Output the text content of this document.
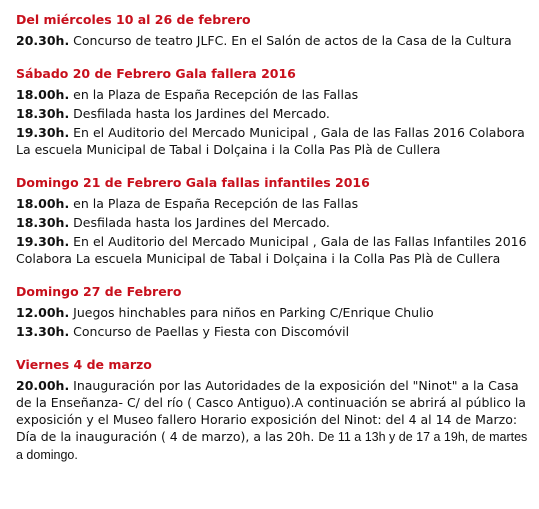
Del miércoles 10 al 26 de febrero
20.30h. Concurso de teatro JLFC. En el Salón de actos de la Casa de la Cultura
Sábado 20 de Febrero Gala fallera 2016
18.00h. en la Plaza de España Recepción de las Fallas
18.30h. Desfilada hasta los Jardines del Mercado.
19.30h. En el Auditorio del Mercado Municipal , Gala de las Fallas 2016 Colabora La escuela Municipal de Tabal i Dolçaina i la Colla Pas Plà de Cullera
Domingo 21 de Febrero Gala fallas infantiles 2016
18.00h. en la Plaza de España Recepción de las Fallas
18.30h. Desfilada hasta los Jardines del Mercado.
19.30h. En el Auditorio del Mercado Municipal , Gala de las Fallas Infantiles 2016 Colabora La escuela Municipal de Tabal i Dolçaina i la Colla Pas Plà de Cullera
Domingo 27 de Febrero
12.00h. Juegos hinchables para niños en Parking C/Enrique Chulio
13.30h. Concurso de Paellas y Fiesta con Discomóvil
Viernes 4 de marzo
20.00h. Inauguración por las Autoridades de la exposición del "Ninot" a la Casa de la Enseñanza- C/ del río ( Casco Antiguo).A continuación se abrirá al público la exposición y el Museo fallero Horario exposición del Ninot: del 4 al 14 de Marzo: Día de la inauguración ( 4 de marzo), a las 20h. De 11 a 13h y de 17 a 19h, de martes a domingo.
